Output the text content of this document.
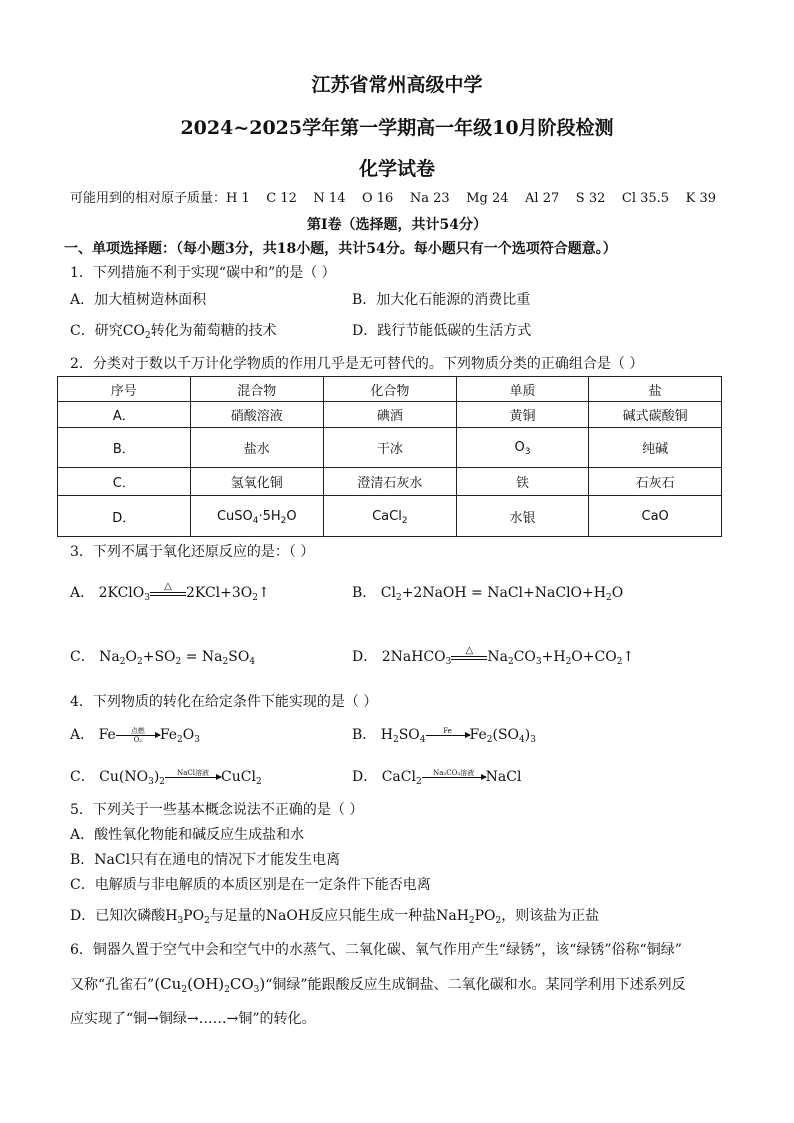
江苏省常州高级中学
2024~2025学年第一学期高一年级10月阶段检测
化学试卷
可能用到的相对原子质量：H 1    C 12    N 14    O 16    Na 23    Mg 24    Al 27    S 32    Cl 35.5    K 39
第Ⅰ卷（选择题，共计54分）
一、单项选择题：（每小题3分，共18小题，共计54分。每小题只有一个选项符合题意。）
1．下列措施不利于实现“碳中和”的是（ ）
A．加大植树造林面积	B．加大化石能源的消费比重
C．研究$CO_2$转化为葡萄糖的技术	D．践行节能低碳的生活方式
2．分类对于数以千万计化学物质的作用几乎是无可替代的。下列物质分类的正确组合是（ ）
序号	混合物	化合物	单质	盐
A．	硝酸溶液	碘酒	黄铜	碱式碳酸铜
B．	盐水	干冰	$O_3$	纯碱
C．	氢氧化铜	澄清石灰水	铁	石灰石
D．	$CuSO_4\cdot 5H_2O$	CaCl$_2$	水银	CaO
3．下列不属于氧化还原反应的是：（ ）
A． 2KClO$_3$
△	$2KCl+3O_2↑$	B． $Cl_2+2NaOH$ = $NaCl+NaClO+H_2O$
C． $Na_2O_2+SO_2 = Na_2SO_4$	D． 2NaHCO$_3$
△	$Na_2CO_3+H_2O+CO_2↑$
4．下列物质的转化在给定条件下能实现的是（ ）
A． Fe	点燃
O₂	$Fe_2O_3$	B． $H_2SO_4$
Fe	$Fe_2(SO_4)_3$
C． $Cu(NO_3)_2$
NaCl溶液 CuCl$_2$	D． CaCl$_2$
Na₂CO₃溶液 NaCl
5．下列关于一些基本概念说法不正确的是（ ）
A．酸性氧化物能和碱反应生成盐和水
B．NaCl只有在通电的情况下才能发生电离
C．电解质与非电解质的本质区别是在一定条件下能否电离
D．已知次磷酸$H_3PO_2$与足量的NaOH反应只能生成一种盐$NaH_2PO_2$，则该盐为正盐
6．铜器久置于空气中会和空气中的水蒸气、二氧化碳、氧气作用产生“绿锈”，该“绿锈”俗称“铜绿”
又称“孔雀石$”(Cu_2(OH)_2CO_3)“$铜绿”能跟酸反应生成铜盐、二氧化碳和水。某同学利用下述系列反
应实现了“铜→铜绿→……→铜”的转化。
